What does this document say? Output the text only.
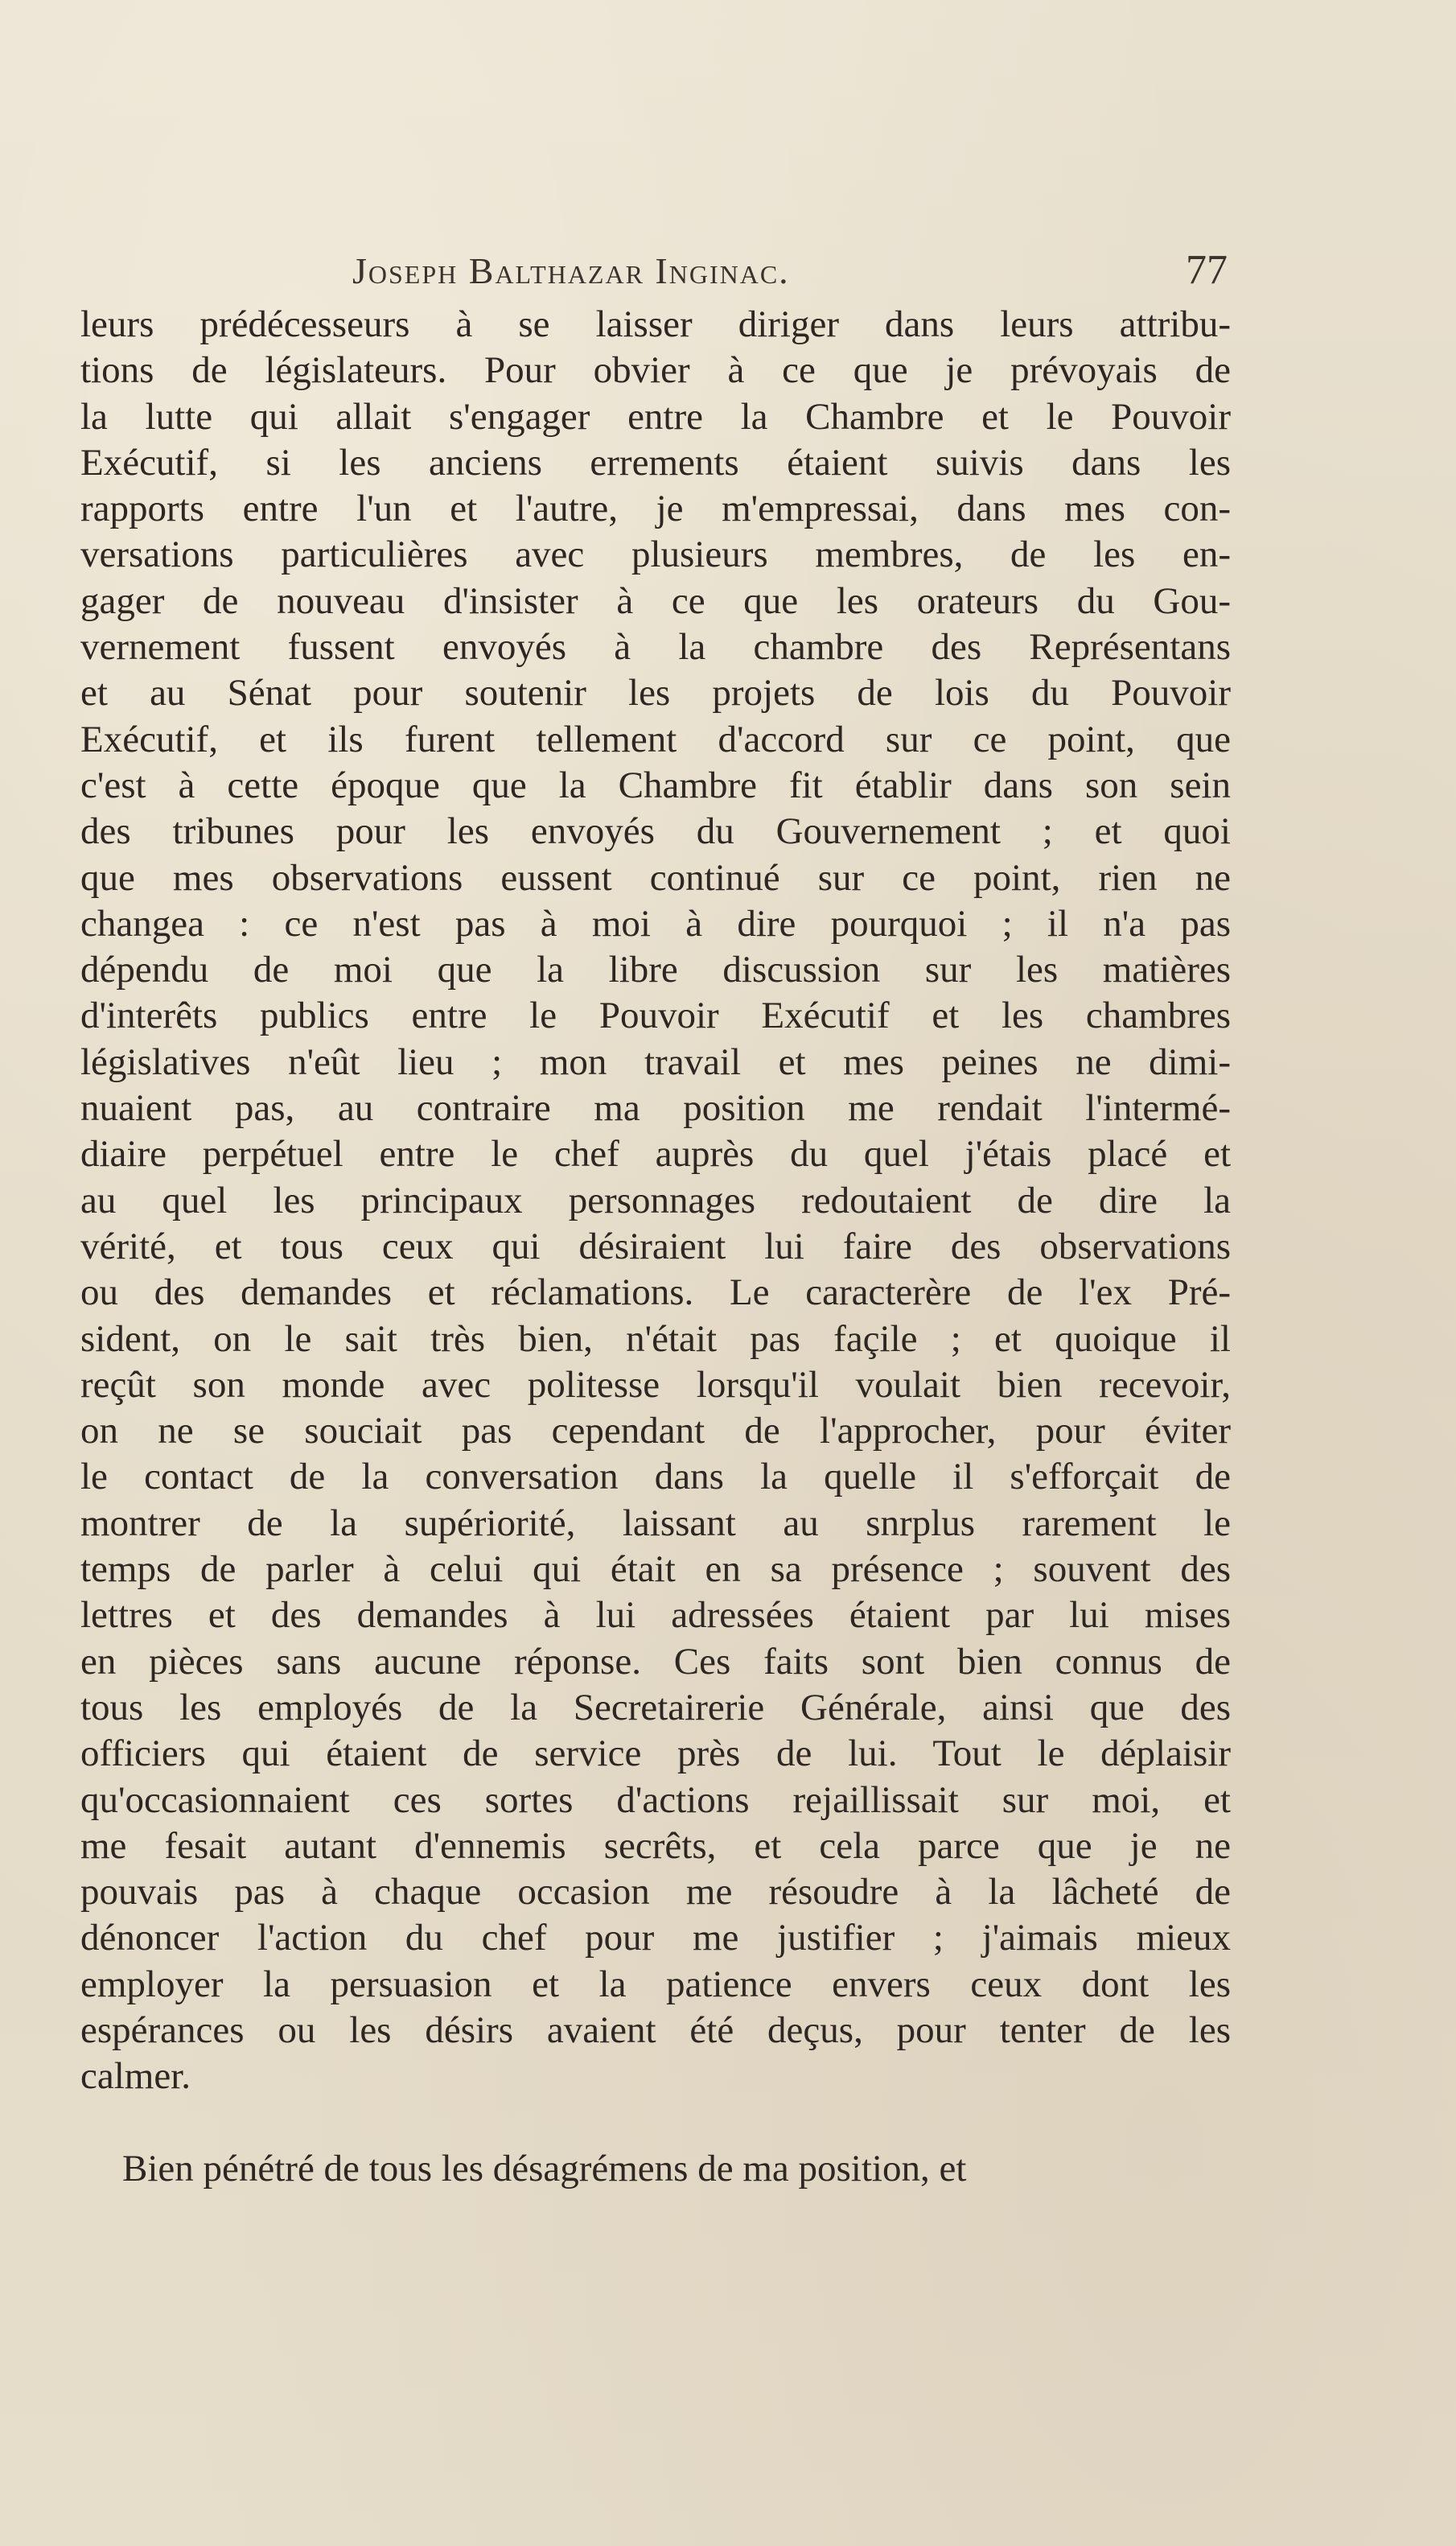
Joseph Balthazar Inginac.	77
leurs prédécesseurs à se laisser diriger dans leurs attribu-
tions de législateurs. Pour obvier à ce que je prévoyais de
la lutte qui allait s'engager entre la Chambre et le Pouvoir
Exécutif, si les anciens errements étaient suivis dans les
rapports entre l'un et l'autre, je m'empressai, dans mes con-
versations particulières avec plusieurs membres, de les en-
gager de nouveau d'insister à ce que les orateurs du Gou-
vernement fussent envoyés à la chambre des Représentans
et au Sénat pour soutenir les projets de lois du Pouvoir
Exécutif, et ils furent tellement d'accord sur ce point, que
c'est à cette époque que la Chambre fit établir dans son sein
des tribunes pour les envoyés du Gouvernement ; et quoi
que mes observations eussent continué sur ce point, rien ne
changea : ce n'est pas à moi à dire pourquoi ; il n'a pas
dépendu de moi que la libre discussion sur les matières
d'interêts publics entre le Pouvoir Exécutif et les chambres
législatives n'eût lieu ; mon travail et mes peines ne dimi-
nuaient pas, au contraire ma position me rendait l'intermé-
diaire perpétuel entre le chef auprès du quel j'étais placé et
au quel les principaux personnages redoutaient de dire la
vérité, et tous ceux qui désiraient lui faire des observations
ou des demandes et réclamations. Le caracterère de l'ex Pré-
sident, on le sait très bien, n'était pas façile ; et quoique il
reçût son monde avec politesse lorsqu'il voulait bien recevoir,
on ne se souciait pas cependant de l'approcher, pour éviter
le contact de la conversation dans la quelle il s'efforçait de
montrer de la supériorité, laissant au snrplus rarement le
temps de parler à celui qui était en sa présence ; souvent des
lettres et des demandes à lui adressées étaient par lui mises
en pièces sans aucune réponse. Ces faits sont bien connus de
tous les employés de la Secretairerie Générale, ainsi que des
officiers qui étaient de service près de lui. Tout le déplaisir
qu'occasionnaient ces sortes d'actions rejaillissait sur moi, et
me fesait autant d'ennemis secrêts, et cela parce que je ne
pouvais pas à chaque occasion me résoudre à la lâcheté de
dénoncer l'action du chef pour me justifier ; j'aimais mieux
employer la persuasion et la patience envers ceux dont les
espérances ou les désirs avaient été deçus, pour tenter de les
calmer.
Bien pénétré de tous les désagrémens de ma position, et
